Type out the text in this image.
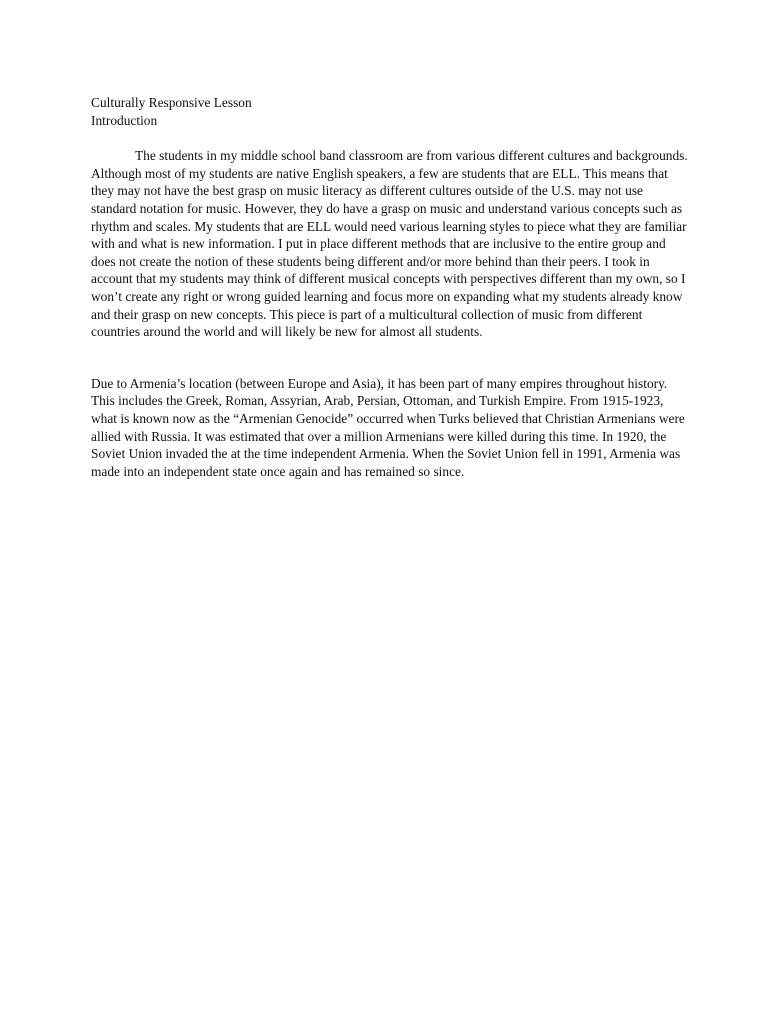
Culturally Responsive Lesson
Introduction

The students in my middle school band classroom are from various different cultures and backgrounds. Although most of my students are native English speakers, a few are students that are ELL. This means that they may not have the best grasp on music literacy as different cultures outside of the U.S. may not use standard notation for music. However, they do have a grasp on music and understand various concepts such as rhythm and scales. My students that are ELL would need various learning styles to piece what they are familiar with and what is new information. I put in place different methods that are inclusive to the entire group and does not create the notion of these students being different and/or more behind than their peers. I took in account that my students may think of different musical concepts with perspectives different than my own, so I won’t create any right or wrong guided learning and focus more on expanding what my students already know and their grasp on new concepts. This piece is part of a multicultural collection of music from different countries around the world and will likely be new for almost all students.

Due to Armenia’s location (between Europe and Asia), it has been part of many empires throughout history. This includes the Greek, Roman, Assyrian, Arab, Persian, Ottoman, and Turkish Empire. From 1915-1923, what is known now as the “Armenian Genocide” occurred when Turks believed that Christian Armenians were allied with Russia. It was estimated that over a million Armenians were killed during this time. In 1920, the Soviet Union invaded the at the time independent Armenia. When the Soviet Union fell in 1991, Armenia was made into an independent state once again and has remained so since.
